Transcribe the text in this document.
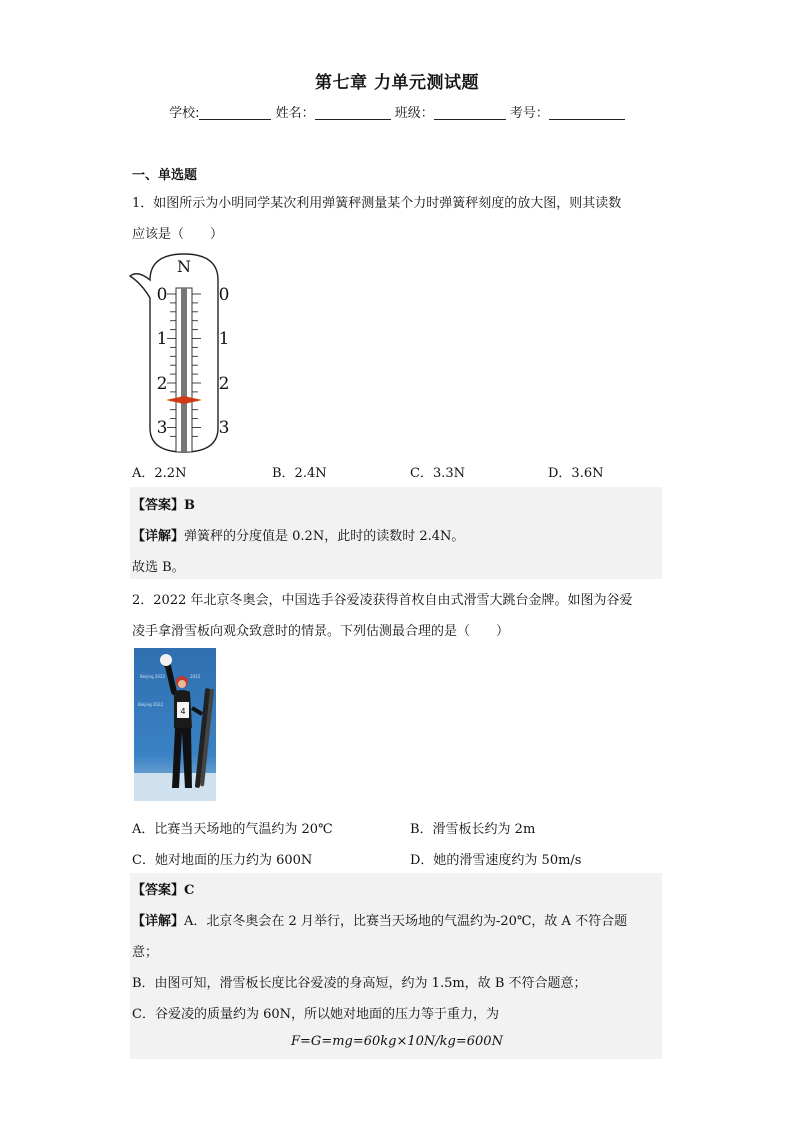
第七章 力单元测试题
学校:	姓名：	班级：	考号：
一、单选题
1．如图所示为小明同学某次利用弹簧秤测量某个力时弹簧秤刻度的放大图，则其读数
应该是（　　）
N
0
1
2
3
0
1
2
3
A．2.2N	B．2.4N	C．3.3N	D．3.6N
【答案】B
【详解】弹簧秤的分度值是 0.2N，此时的读数时 2.4N。
故选 B。
2．2022 年北京冬奥会，中国选手谷爱凌获得首枚自由式滑雪大跳台金牌。如图为谷爱
凌手拿滑雪板向观众致意时的情景。下列估测最合理的是（　　）
Beijing 2022
Beijing 2022
2022
4
A．比赛当天场地的气温约为 20℃	B．滑雪板长约为 2m
C．她对地面的压力约为 600N	D．她的滑雪速度约为 50m/s
【答案】C
【详解】A．北京冬奥会在 2 月举行，比赛当天场地的气温约为-20℃，故 A 不符合题
意；
B．由图可知，滑雪板长度比谷爱凌的身高短，约为 1.5m，故 B 不符合题意；
C．谷爱凌的质量约为 60N，所以她对地面的压力等于重力，为
F=G=mg=60kg×10N/kg=600N
